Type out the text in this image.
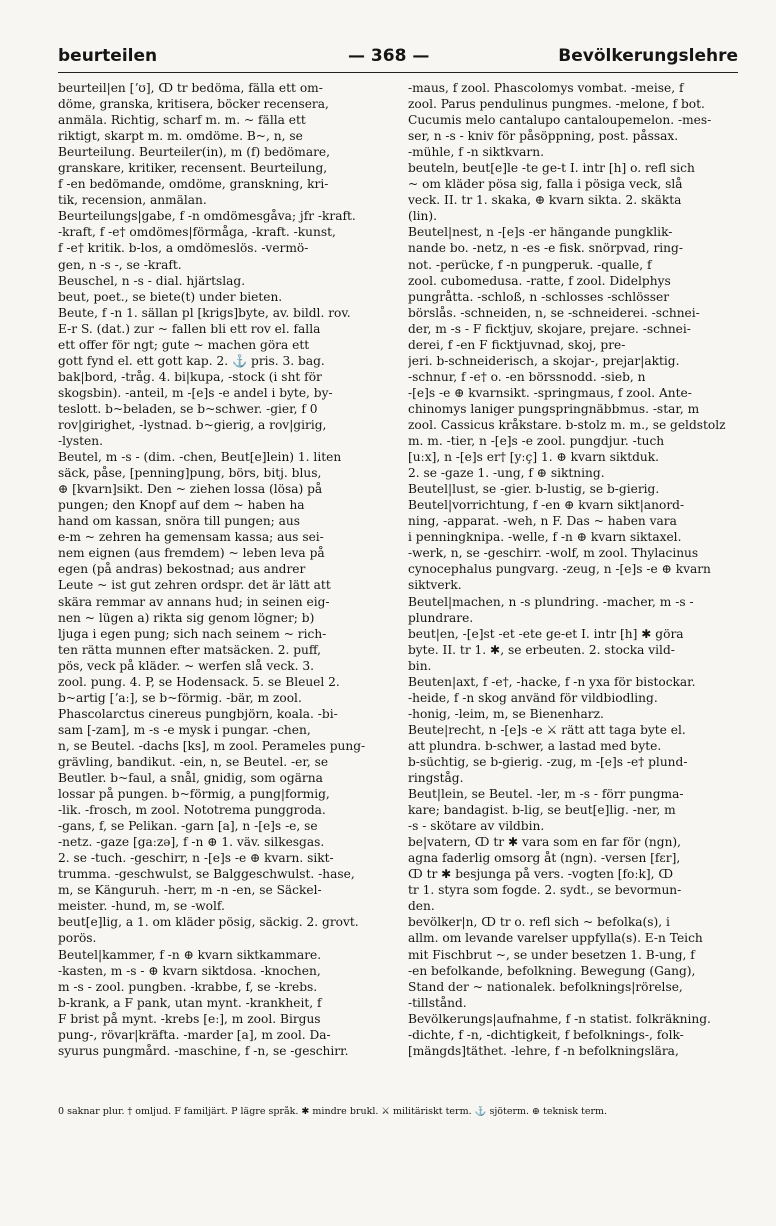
beurteilen	— 368 —	Bevölkerungslehre
beurteil|en [ʼʊ], ↀ tr bedöma, fälla ett om-
döme, granska, kritisera, böcker recensera,
anmäla. Richtig, scharf m. m. ~ fälla ett
riktigt, skarpt m. m. omdöme. B~, n, se
Beurteilung. Beurteiler(in), m (f) bedömare,
granskare, kritiker, recensent. Beurteilung,
f -en bedömande, omdöme, granskning, kri-
tik, recension, anmälan.
Beurteilungs|gabe, f -n omdömesgåva; jfr -kraft.
-kraft, f -e† omdömes|förmåga, -kraft. -kunst,
f -e† kritik. b-los, a omdömeslös. -vermö-
gen, n -s -, se -kraft.
Beuschel, n -s - dial. hjärtslag.
beut, poet., se biete(t) under bieten.
Beute, f -n 1. sällan pl [krigs]byte, av. bildl. rov.
E-r S. (dat.) zur ~ fallen bli ett rov el. falla
ett offer för ngt; gute ~ machen göra ett
gott fynd el. ett gott kap. 2. ⚓ pris. 3. bag.
bak|bord, -tråg. 4. bi|kupa, -stock (i sht för
skogsbin). -anteil, m -[e]s -e andel i byte, by-
teslott. b~beladen, se b~schwer. -gier, f 0
rov|girighet, -lystnad. b~gierig, a rov|girig,
-lysten.
Beutel, m -s - (dim. -chen, Beut[e]lein) 1. liten
säck, påse, [penning]pung, börs, bitj. blus,
⊕ [kvarn]sikt. Den ~ ziehen lossa (lösa) på
pungen; den Knopf auf dem ~ haben ha
hand om kassan, snöra till pungen; aus
e-m ~ zehren ha gemensam kassa; aus sei-
nem eignen (aus fremdem) ~ leben leva på
egen (på andras) bekostnad; aus andrer
Leute ~ ist gut zehren ordspr. det är lätt att
skära remmar av annans hud; in seinen eig-
nen ~ lügen a) rikta sig genom lögner; b)
ljuga i egen pung; sich nach seinem ~ rich-
ten rätta munnen efter matsäcken. 2. puff,
pös, veck på kläder. ~ werfen slå veck. 3.
zool. pung. 4. P, se Hodensack. 5. se Bleuel 2.
b~artig [ʼaː], se b~förmig. -bär, m zool.
Phascolarctus cinereus pungbjörn, koala. -bi-
sam [-zam], m -s -e mysk i pungar. -chen,
n, se Beutel. -dachs [ks], m zool. Perameles pung-
grävling, bandikut. -ein, n, se Beutel. -er, se
Beutler. b~faul, a snål, gnidig, som ogärna
lossar på pungen. b~förmig, a pung|formig,
-lik. -frosch, m zool. Nototrema punggroda.
-gans, f, se Pelikan. -garn [a], n -[e]s -e, se
-netz. -gaze [gaːzə], f -n ⊕ 1. väv. silkesgas.
2. se -tuch. -geschirr, n -[e]s -e ⊕ kvarn. sikt-
trumma. -geschwulst, se Balggeschwulst. -hase,
m, se Känguruh. -herr, m -n -en, se Säckel-
meister. -hund, m, se -wolf.
beut[e]lig, a 1. om kläder pösig, säckig. 2. grovt.
porös.
Beutel|kammer, f -n ⊕ kvarn siktkammare.
-kasten, m -s - ⊕ kvarn siktdosa. -knochen,
m -s - zool. pungben. -krabbe, f, se -krebs.
b-krank, a F pank, utan mynt. -krankheit, f
F brist på mynt. -krebs [eː], m zool. Birgus
pung-, rövar|kräfta. -marder [a], m zool. Da-
syurus pungmård. -maschine, f -n, se -geschirr.
-maus, f zool. Phascolomys vombat. -meise, f
zool. Parus pendulinus pungmes. -melone, f bot.
Cucumis melo cantalupo cantaloupemelon. -mes-
ser, n -s - kniv för påsöppning, post. påssax.
-mühle, f -n siktkvarn.
beuteln, beut[e]le -te ge-t I. intr [h] o. refl sich
~ om kläder pösa sig, falla i pösiga veck, slå
veck. II. tr 1. skaka, ⊕ kvarn sikta. 2. skäkta
(lin).
Beutel|nest, n -[e]s -er hängande pungklik-
nande bo. -netz, n -es -e fisk. snörpvad, ring-
not. -perücke, f -n pungperuk. -qualle, f
zool. cubomedusa. -ratte, f zool. Didelphys
pungråtta. -schloß, n -schlosses -schlösser
börslås. -schneiden, n, se -schneiderei. -schnei-
der, m -s - F ficktjuv, skojare, prejare. -schnei-
derei, f -en F ficktjuvnad, skoj, pre-
jeri. b-schneiderisch, a skojar-, prejar|aktig.
-schnur, f -e† o. -en börssnodd. -sieb, n
-[e]s -e ⊕ kvarnsikt. -springmaus, f zool. Ante-
chinomys laniger pungspringnäbbmus. -star, m
zool. Cassicus kråkstare. b-stolz m. m., se geldstolz
m. m. -tier, n -[e]s -e zool. pungdjur. -tuch
[uːx], n -[e]s er† [yːç] 1. ⊕ kvarn siktduk.
2. se -gaze 1. -ung, f ⊕ siktning.
Beutel|lust, se -gier. b-lustig, se b-gierig.
Beutel|vorrichtung, f -en ⊕ kvarn sikt|anord-
ning, -apparat. -weh, n F. Das ~ haben vara
i penningknipa. -welle, f -n ⊕ kvarn siktaxel.
-werk, n, se -geschirr. -wolf, m zool. Thylacinus
cynocephalus pungvarg. -zeug, n -[e]s -e ⊕ kvarn
siktverk.
Beutel|machen, n -s plundring. -macher, m -s -
plundrare.
beut|en, -[e]st -et -ete ge-et I. intr [h] ✱ göra
byte. II. tr 1. ✱, se erbeuten. 2. stocka vild-
bin.
Beuten|axt, f -e†, -hacke, f -n yxa för bistockar.
-heide, f -n skog använd för vildbiodling.
-honig, -leim, m, se Bienenharz.
Beute|recht, n -[e]s -e ⚔ rätt att taga byte el.
att plundra. b-schwer, a lastad med byte.
b-süchtig, se b-gierig. -zug, m -[e]s -e† plund-
ringståg.
Beut|lein, se Beutel. -ler, m -s - förr pungma-
kare; bandagist. b-lig, se beut[e]lig. -ner, m
-s - skötare av vildbin.
be|vatern, ↀ tr ✱ vara som en far för (ngn),
agna faderlig omsorg åt (ngn). -versen [fɛr],
ↀ tr ✱ besjunga på vers. -vogten [foːk], ↀ
tr 1. styra som fogde. 2. sydt., se bevormun-
den.
bevölker|n, ↀ tr o. refl sich ~ befolka(s), i
allm. om levande varelser uppfylla(s). E-n Teich
mit Fischbrut ~, se under besetzen 1. B-ung, f
-en befolkande, befolkning. Bewegung (Gang),
Stand der ~ nationalek. befolknings|rörelse,
-tillstånd.
Bevölkerungs|aufnahme, f -n statist. folkräkning.
-dichte, f -n, -dichtigkeit, f befolknings-, folk-
[mängds]täthet. -lehre, f -n befolkningslära,
0 saknar plur. † omljud. F familjärt. P lägre språk. ✱ mindre brukl. ⚔ militäriskt term. ⚓ sjöterm. ⊕ teknisk term.
